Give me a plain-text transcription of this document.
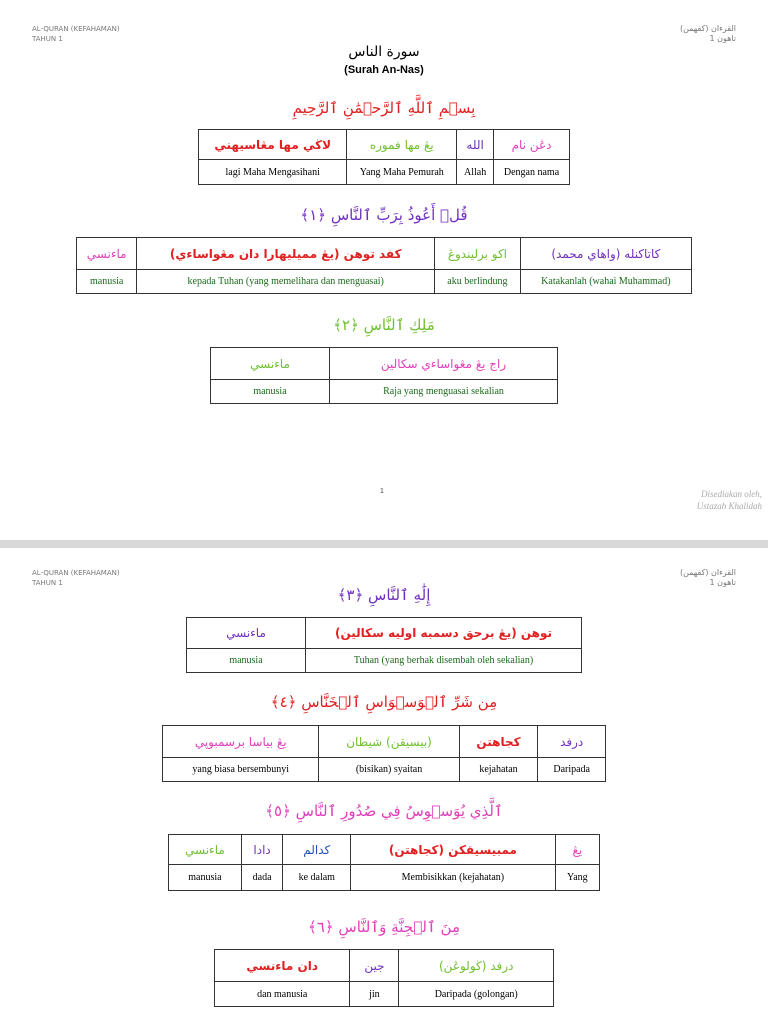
AL-QURAN (KEFAHAMAN)
TAHUN 1
القرءان (کفهمن)
تاهون 1
سورة الناس
(Surah An-Nas)
بِسۡمِ ٱللَّهِ ٱلرَّحۡمَٰنِ ٱلرَّحِيمِ
لاڬي مها مڠاسيهني	يڠ مها فموره	الله	دڠن نام
lagi Maha Mengasihani	Yang Maha Pemurah	Allah	Dengan nama
قُلۡ أَعُوذُ بِرَبِّ ٱلنَّاسِ ﴿١﴾
ماءنسي	کفد توهن (يڠ مميليهارا دان مڠواساءي)	اکو برليندوڠ	كاتاكنله (واهاي محمد)
manusia	kepada Tuhan (yang memelihara dan menguasai)	aku berlindung	Katakanlah (wahai Muhammad)
مَلِكِ ٱلنَّاسِ ﴿٢﴾
ماءنسي	راج يڠ مڠواساءي سکالين
manusia	Raja yang menguasai sekalian
1	Disediakan oleh,
Ustazah Khalidah
AL-QURAN (KEFAHAMAN)
TAHUN 1
القرءان (کفهمن)
تاهون 1
إِلَٰهِ ٱلنَّاسِ ﴿٣﴾
ماءنسي	توهن (يڠ برحق دسمبه اوليه سکالين)
manusia	Tuhan (yang berhak disembah oleh sekalian)
مِن شَرِّ ٱلۡوَسۡوَاسِ ٱلۡخَنَّاسِ ﴿٤﴾
يڠ بياسا برسمبوڽي	(بيسيقن) شيطان	کجاهتن	درفد
yang biasa bersembunyi	(bisikan) syaitan	kejahatan	Daripada
ٱلَّذِي يُوَسۡوِسُ فِي صُدُورِ ٱلنَّاسِ ﴿٥﴾
ماءنسي	دادا	کدالم	ممبيسيقکن (کجاهتن)	يڠ
manusia	dada	ke dalam	Membisikkan (kejahatan)	Yang
مِنَ ٱلۡجِنَّةِ وَٱلنَّاسِ ﴿٦﴾
دان ماءنسي	جين	درفد (ڬولوڠن)
dan manusia	jin	Daripada (golongan)
